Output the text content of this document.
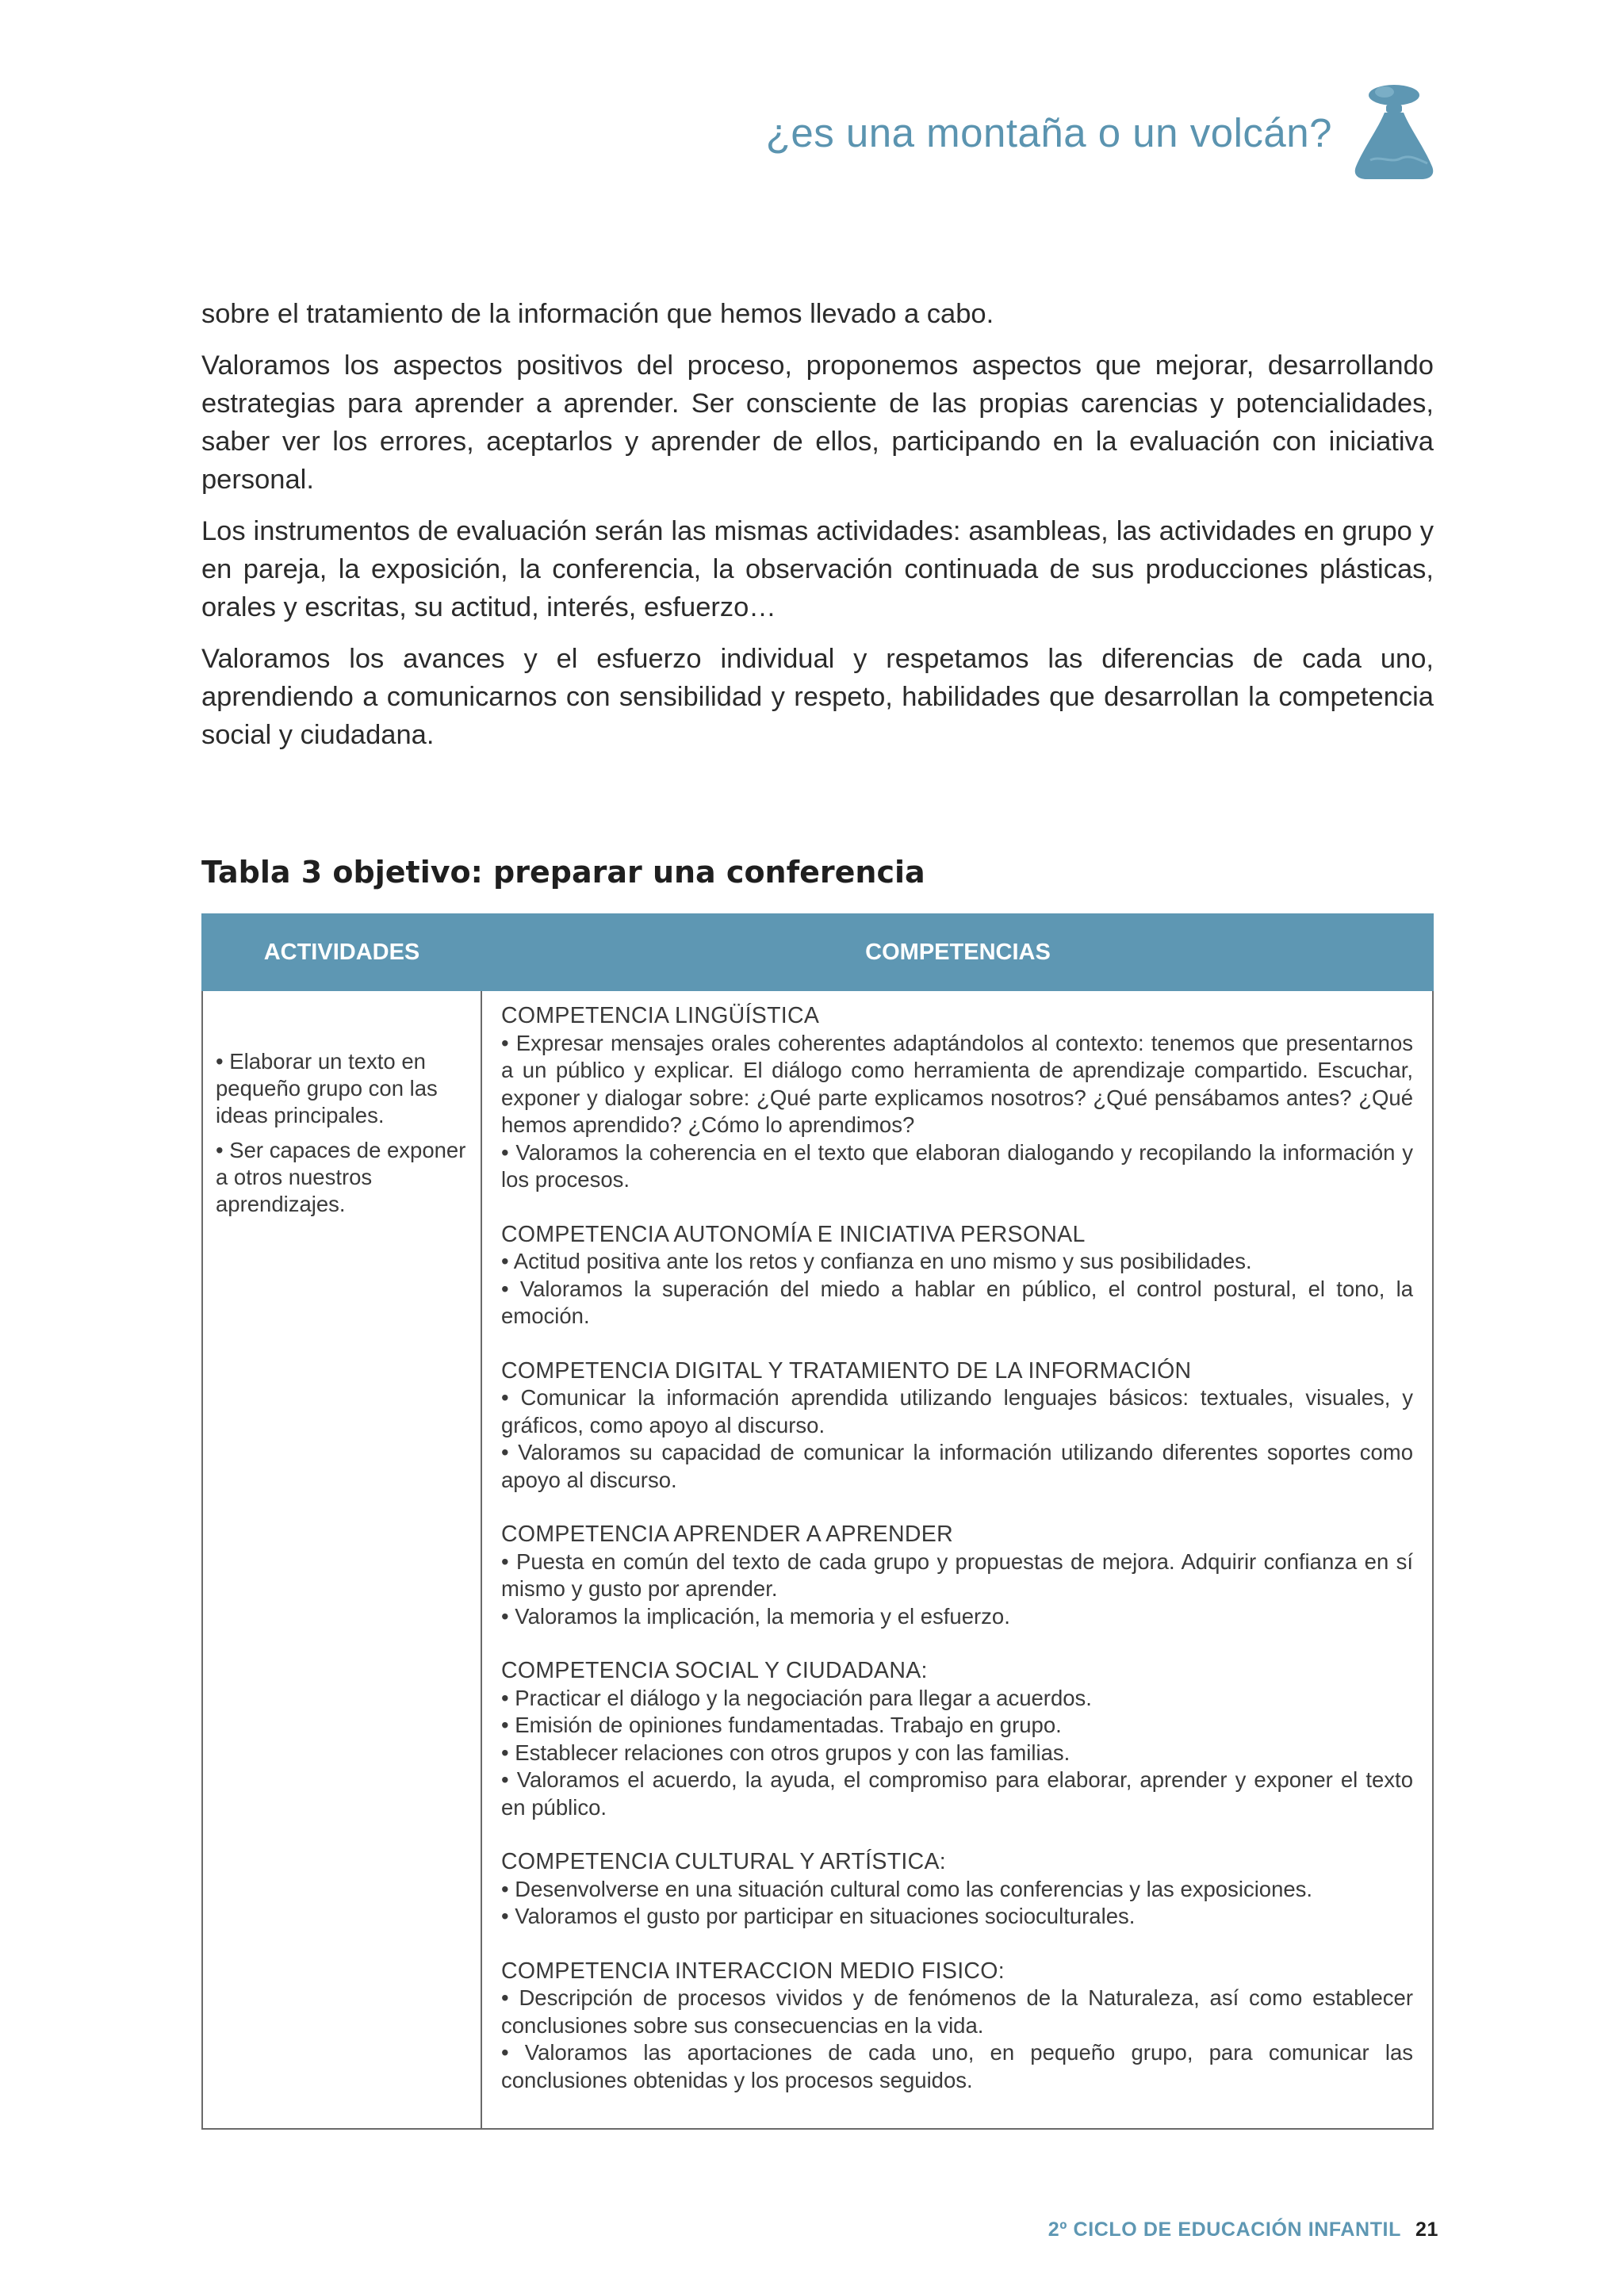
¿es una montaña o un volcán?

sobre el tratamiento de la información que hemos llevado a cabo.

Valoramos los aspectos positivos del proceso, proponemos aspectos que mejorar, desarrollando estrategias para aprender a aprender. Ser consciente de las propias carencias y potencialidades, saber ver los errores, aceptarlos y aprender de ellos, participando en la evaluación con iniciativa personal.

Los instrumentos de evaluación serán las mismas actividades: asambleas, las actividades en grupo y en pareja, la exposición, la conferencia, la observación continuada de sus producciones plásticas, orales y escritas, su actitud, interés, esfuerzo…

Valoramos los avances y el esfuerzo individual y respetamos las diferencias de cada uno, aprendiendo a comunicarnos con sensibilidad y respeto, habilidades que desarrollan la competencia social y ciudadana.

Tabla 3 objetivo: preparar una conferencia
ACTIVIDADES	COMPETENCIAS

• Elaborar un texto en pequeño grupo con las ideas principales.

• Ser capaces de exponer a otros nuestros aprendizajes.

COMPETENCIA LINGÜÍSTICA
• Expresar mensajes orales coherentes adaptándolos al contexto: tenemos que presentarnos a un público y explicar. El diálogo como herramienta de aprendizaje compartido. Escuchar, exponer y dialogar sobre: ¿Qué parte explicamos nosotros? ¿Qué pensábamos antes? ¿Qué hemos aprendido? ¿Cómo lo aprendimos?
• Valoramos la coherencia en el texto que elaboran dialogando y recopilando la información y los procesos.
COMPETENCIA AUTONOMÍA E INICIATIVA PERSONAL
• Actitud positiva ante los retos y confianza en uno mismo y sus posibilidades.
• Valoramos la superación del miedo a hablar en público, el control postural, el tono, la emoción.
COMPETENCIA DIGITAL Y TRATAMIENTO DE LA INFORMACIÓN
• Comunicar la información aprendida utilizando lenguajes básicos: textuales, visuales, y gráficos, como apoyo al discurso.
• Valoramos su capacidad de comunicar la información utilizando diferentes soportes como apoyo al discurso.
COMPETENCIA APRENDER A APRENDER
• Puesta en común del texto de cada grupo y propuestas de mejora. Adquirir confianza en sí mismo y gusto por aprender.
• Valoramos la implicación, la memoria y el esfuerzo.
COMPETENCIA SOCIAL Y CIUDADANA:
• Practicar el diálogo y la negociación para llegar a acuerdos.
• Emisión de opiniones fundamentadas. Trabajo en grupo.
• Establecer relaciones con otros grupos y con las familias.
• Valoramos el acuerdo, la ayuda, el compromiso para elaborar, aprender y exponer el texto en público.
COMPETENCIA CULTURAL Y ARTÍSTICA:
• Desenvolverse en una situación cultural como las conferencias y las exposiciones.
• Valoramos el gusto por participar en situaciones socioculturales.
COMPETENCIA INTERACCION MEDIO FISICO:
• Descripción de procesos vividos y de fenómenos de la Naturaleza, así como establecer conclusiones sobre sus consecuencias en la vida.
• Valoramos las aportaciones de cada uno, en pequeño grupo, para comunicar las conclusiones obtenidas y los procesos seguidos.
2º CICLO DE EDUCACIÓN INFANTIL 21
